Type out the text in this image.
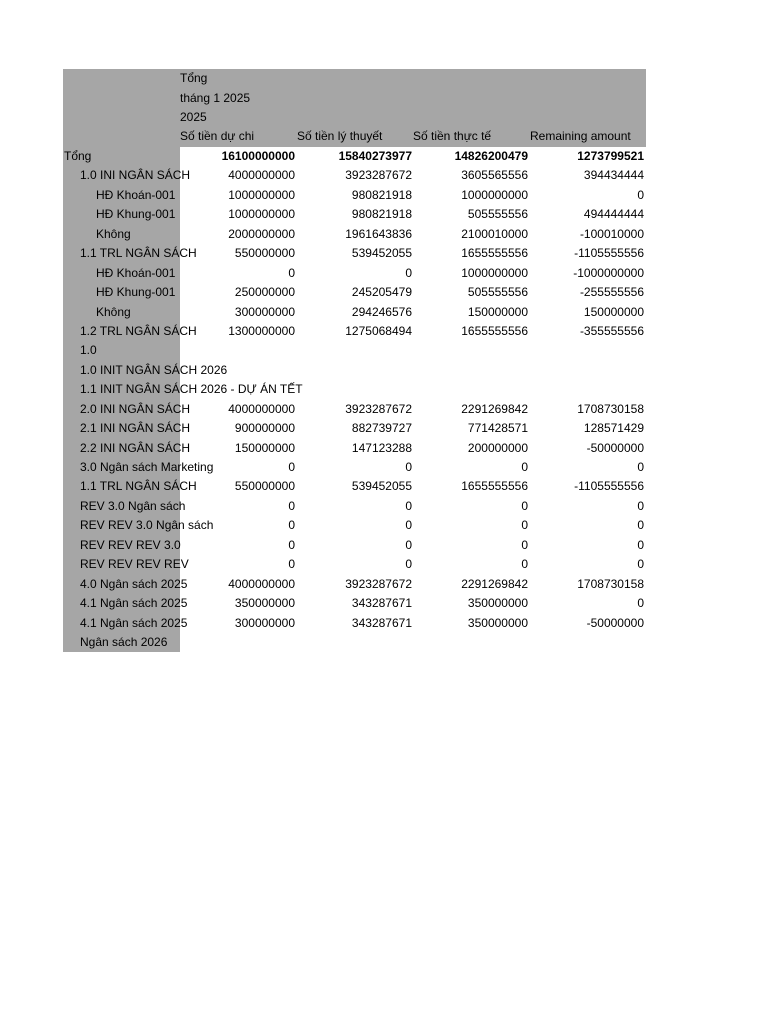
Tổng
tháng 1 2025
2025
Số tiền dự chi	Số tiền lý thuyết	Số tiền thực tế	Remaining amount
Tổng	16100000000	15840273977	14826200479	1273799521
1.0 INI NGÂN SÁCH	4000000000	3923287672	3605565556	394434444
HĐ Khoán-001	1000000000	980821918	1000000000	0
HĐ Khung-001	1000000000	980821918	505555556	494444444
Không	2000000000	1961643836	2100010000	-100010000
1.1 TRL NGÂN SÁCH	550000000	539452055	1655555556	-1105555556
HĐ Khoán-001	0	0	1000000000	-1000000000
HĐ Khung-001	250000000	245205479	505555556	-255555556
Không	300000000	294246576	150000000	150000000
1.2 TRL NGÂN SÁCH	1300000000	1275068494	1655555556	-355555556
1.0
1.0 INIT NGÂN SÁCH 2026
1.1 INIT NGÂN SÁCH 2026 - DỰ ÁN TẾT
2.0 INI NGÂN SÁCH	4000000000	3923287672	2291269842	1708730158
2.1 INI NGÂN SÁCH	900000000	882739727	771428571	128571429
2.2 INI NGÂN SÁCH	150000000	147123288	200000000	-50000000
3.0 Ngân sách Marketing	0	0	0	0
1.1 TRL NGÂN SÁCH	550000000	539452055	1655555556	-1105555556
REV 3.0 Ngân sách	0	0	0	0
REV REV 3.0 Ngân sách	0	0	0	0
REV REV REV 3.0	0	0	0	0
REV REV REV REV	0	0	0	0
4.0 Ngân sách 2025	4000000000	3923287672	2291269842	1708730158
4.1 Ngân sách 2025	350000000	343287671	350000000	0
4.1 Ngân sách 2025	300000000	343287671	350000000	-50000000
Ngân sách 2026
